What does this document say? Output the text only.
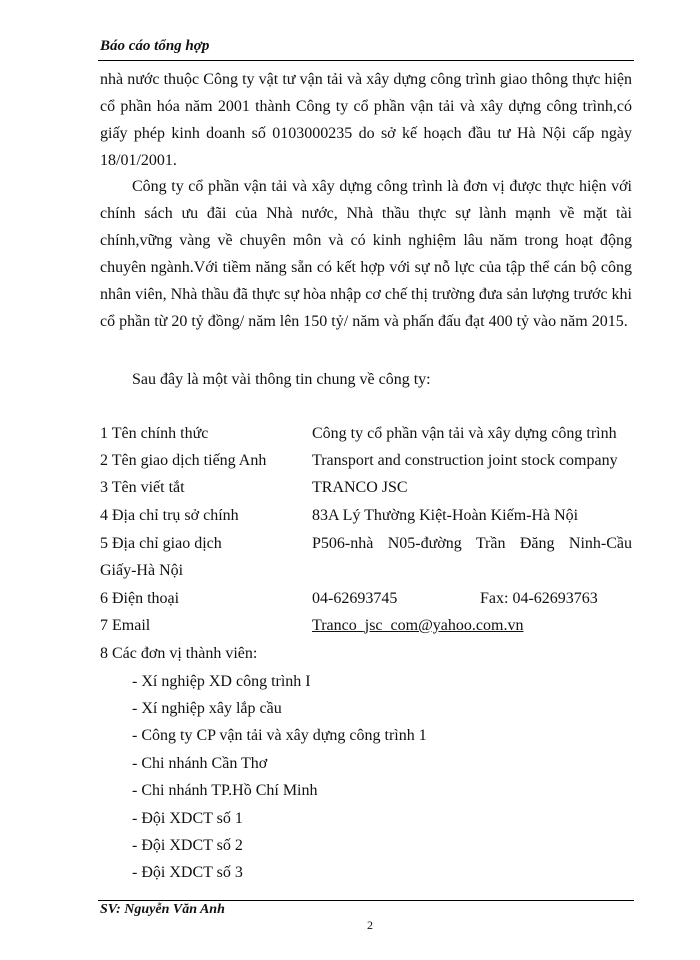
Báo cáo tổng hợp

nhà nước thuộc Công ty vật tư vận tải và xây dựng công trình giao thông thực hiện cổ phần hóa năm 2001 thành Công ty cổ phần vận tải và xây dựng công trình,có giấy phép kinh doanh số 0103000235 do sở kế hoạch đầu tư Hà Nội cấp ngày 18/01/2001.

Công ty cổ phần vận tải và xây dựng công trình là đơn vị được thực hiện với chính sách ưu đãi của Nhà nước, Nhà thầu thực sự lành mạnh về mặt tài chính,vững vàng về chuyên môn và có kinh nghiệm lâu năm trong hoạt động chuyên ngành.Với tiềm năng sẵn có kết hợp với sự nỗ lực của tập thể cán bộ công nhân viên, Nhà thầu đã thực sự hòa nhập cơ chế thị trường đưa sản lượng trước khi cổ phần từ 20 tỷ đồng/ năm lên 150 tỷ/ năm và phấn đấu đạt 400 tỷ vào năm 2015.

Sau đây là một vài thông tin chung về công ty:

1 Tên chính thức	Công ty cổ phần vận tải và xây dựng công trình
2 Tên giao dịch tiếng Anh	Transport and construction joint stock company
3 Tên viết tắt	TRANCO JSC
4 Địa chỉ trụ sở chính	83A Lý Thường Kiệt-Hoàn Kiếm-Hà Nội
5 Địa chỉ giao dịch	P506-nhà N05-đường Trần Đăng Ninh-Cầu
Giấy-Hà Nội
6 Điện thoại	04-62693745	Fax: 04-62693763
7 Email	Tranco_jsc_com@yahoo.com.vn
8 Các đơn vị thành viên:
- Xí nghiệp XD công trình I
- Xí nghiệp xây lắp cầu
- Công ty CP vận tải và xây dựng công trình 1
- Chi nhánh Cần Thơ
- Chi nhánh TP.Hồ Chí Minh
- Đội XDCT số 1
- Đội XDCT số 2
- Đội XDCT số 3
SV: Nguyễn Văn Anh
2
